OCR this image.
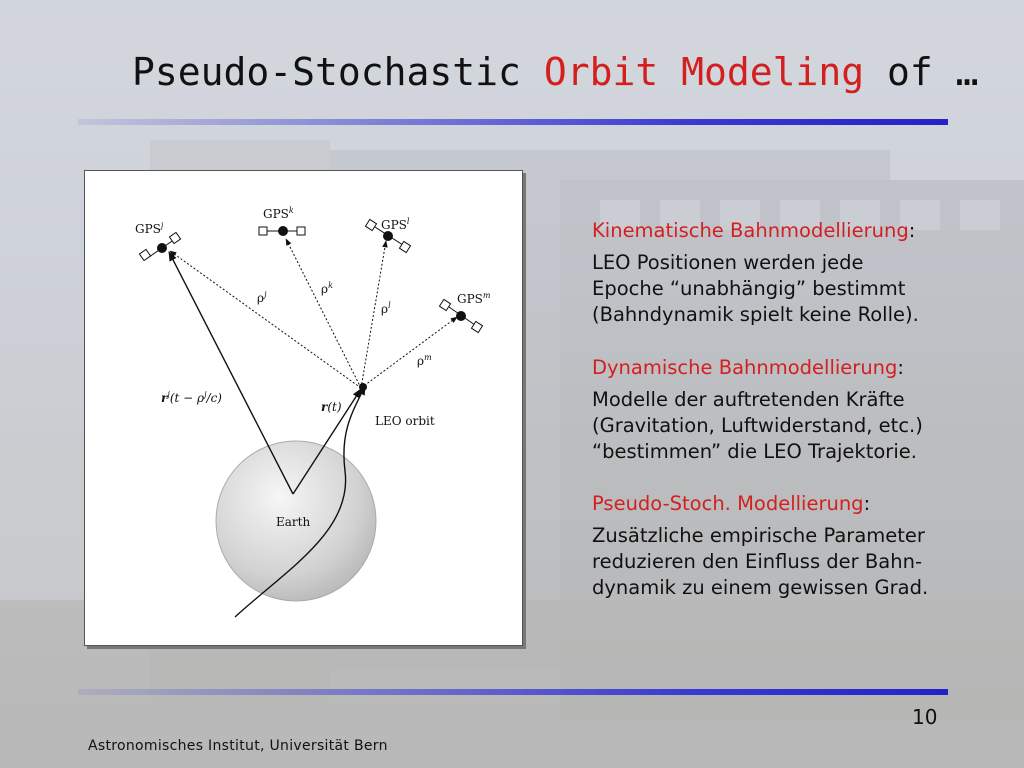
Pseudo-Stochastic Orbit Modeling of …
Earth
GPS$^j$
GPS$^k$
GPS$^l$
GPS$^m$
$\rho^j$	$\rho^k$
$\rho^l$
$\rho^m$
$r^j(t - \rho^j/c)$
r(t)
LEO orbit

Kinematische Bahnmodellierung:

LEO Positionen werden jede
Epoche “unabhängig” bestimmt
(Bahndynamik spielt keine Rolle).

Dynamische Bahnmodellierung:

Modelle der auftretenden Kräfte
(Gravitation, Luftwiderstand, etc.)
“bestimmen” die LEO Trajektorie.

Pseudo-Stoch. Modellierung:

Zusätzliche empirische Parameter
reduzieren den Einfluss der Bahn-
dynamik zu einem gewissen Grad.

10
Astronomisches Institut, Universität Bern
